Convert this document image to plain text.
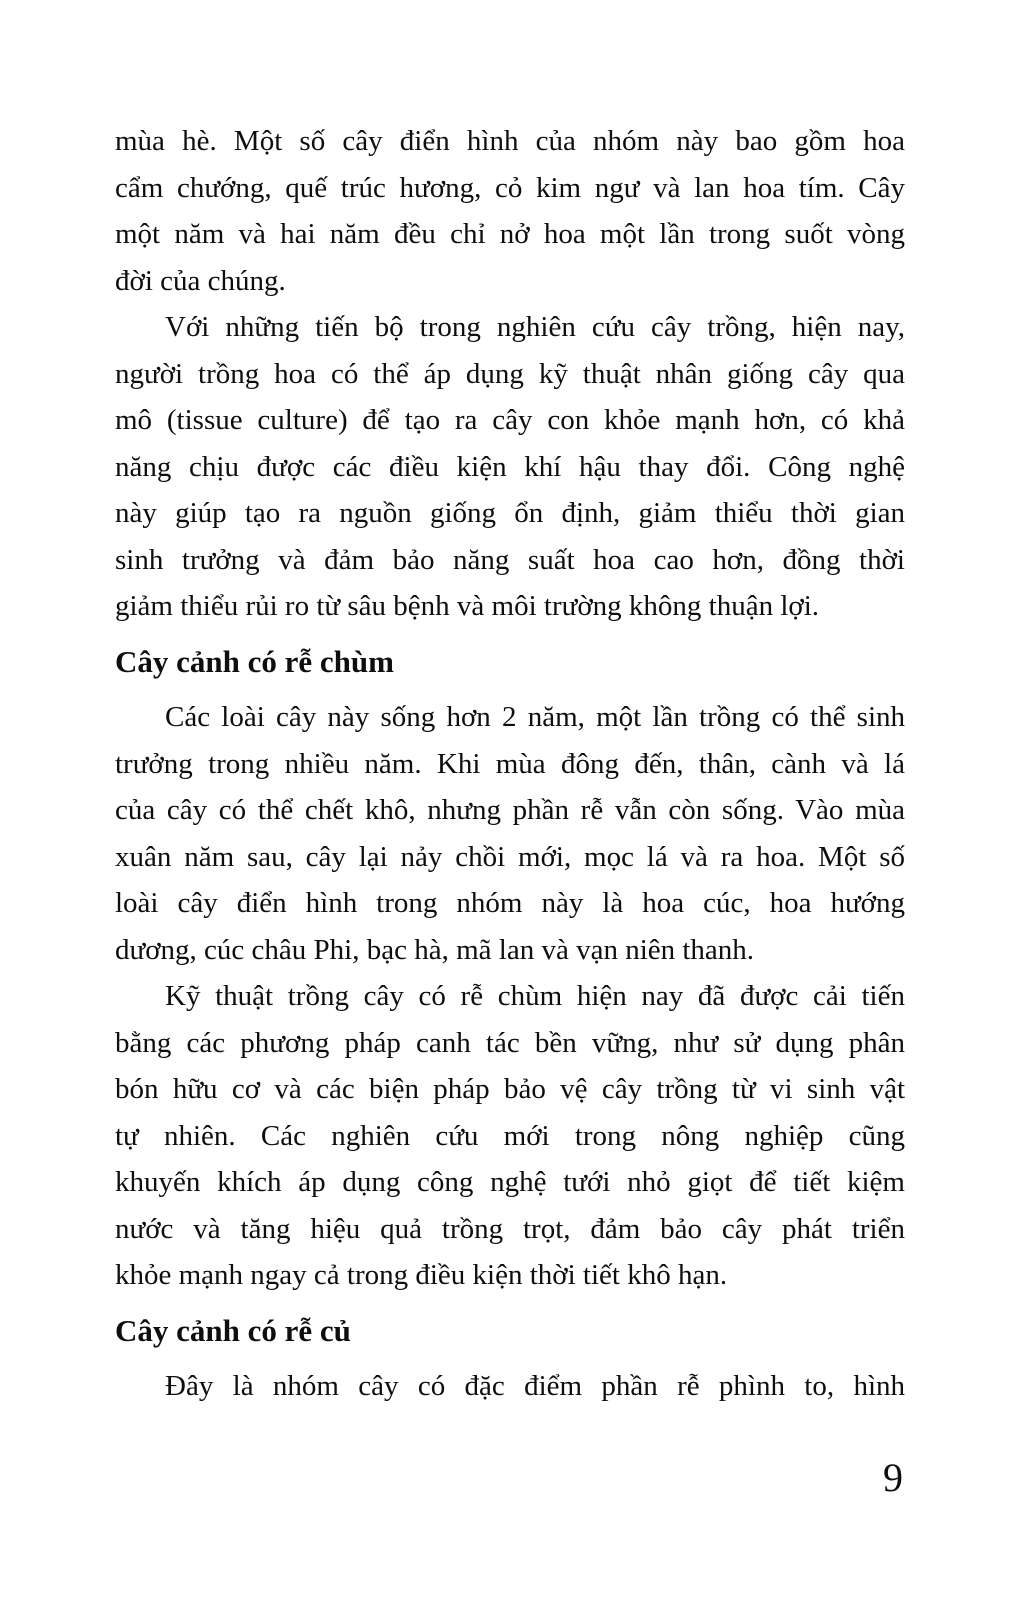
mùa hè. Một số cây điển hình của nhóm này bao gồm hoa
cẩm chướng, quế trúc hương, cỏ kim ngư và lan hoa tím. Cây
một năm và hai năm đều chỉ nở hoa một lần trong suốt vòng
đời của chúng.
Với những tiến bộ trong nghiên cứu cây trồng, hiện nay,
người trồng hoa có thể áp dụng kỹ thuật nhân giống cây qua
mô (tissue culture) để tạo ra cây con khỏe mạnh hơn, có khả
năng chịu được các điều kiện khí hậu thay đổi. Công nghệ
này giúp tạo ra nguồn giống ổn định, giảm thiểu thời gian
sinh trưởng và đảm bảo năng suất hoa cao hơn, đồng thời
giảm thiểu rủi ro từ sâu bệnh và môi trường không thuận lợi.
Cây cảnh có rễ chùm
Các loài cây này sống hơn 2 năm, một lần trồng có thể sinh
trưởng trong nhiều năm. Khi mùa đông đến, thân, cành và lá
của cây có thể chết khô, nhưng phần rễ vẫn còn sống. Vào mùa
xuân năm sau, cây lại nảy chồi mới, mọc lá và ra hoa. Một số
loài cây điển hình trong nhóm này là hoa cúc, hoa hướng
dương, cúc châu Phi, bạc hà, mã lan và vạn niên thanh.
Kỹ thuật trồng cây có rễ chùm hiện nay đã được cải tiến
bằng các phương pháp canh tác bền vững, như sử dụng phân
bón hữu cơ và các biện pháp bảo vệ cây trồng từ vi sinh vật
tự nhiên. Các nghiên cứu mới trong nông nghiệp cũng
khuyến khích áp dụng công nghệ tưới nhỏ giọt để tiết kiệm
nước và tăng hiệu quả trồng trọt, đảm bảo cây phát triển
khỏe mạnh ngay cả trong điều kiện thời tiết khô hạn.
Cây cảnh có rễ củ
Đây là nhóm cây có đặc điểm phần rễ phình to, hình
9
